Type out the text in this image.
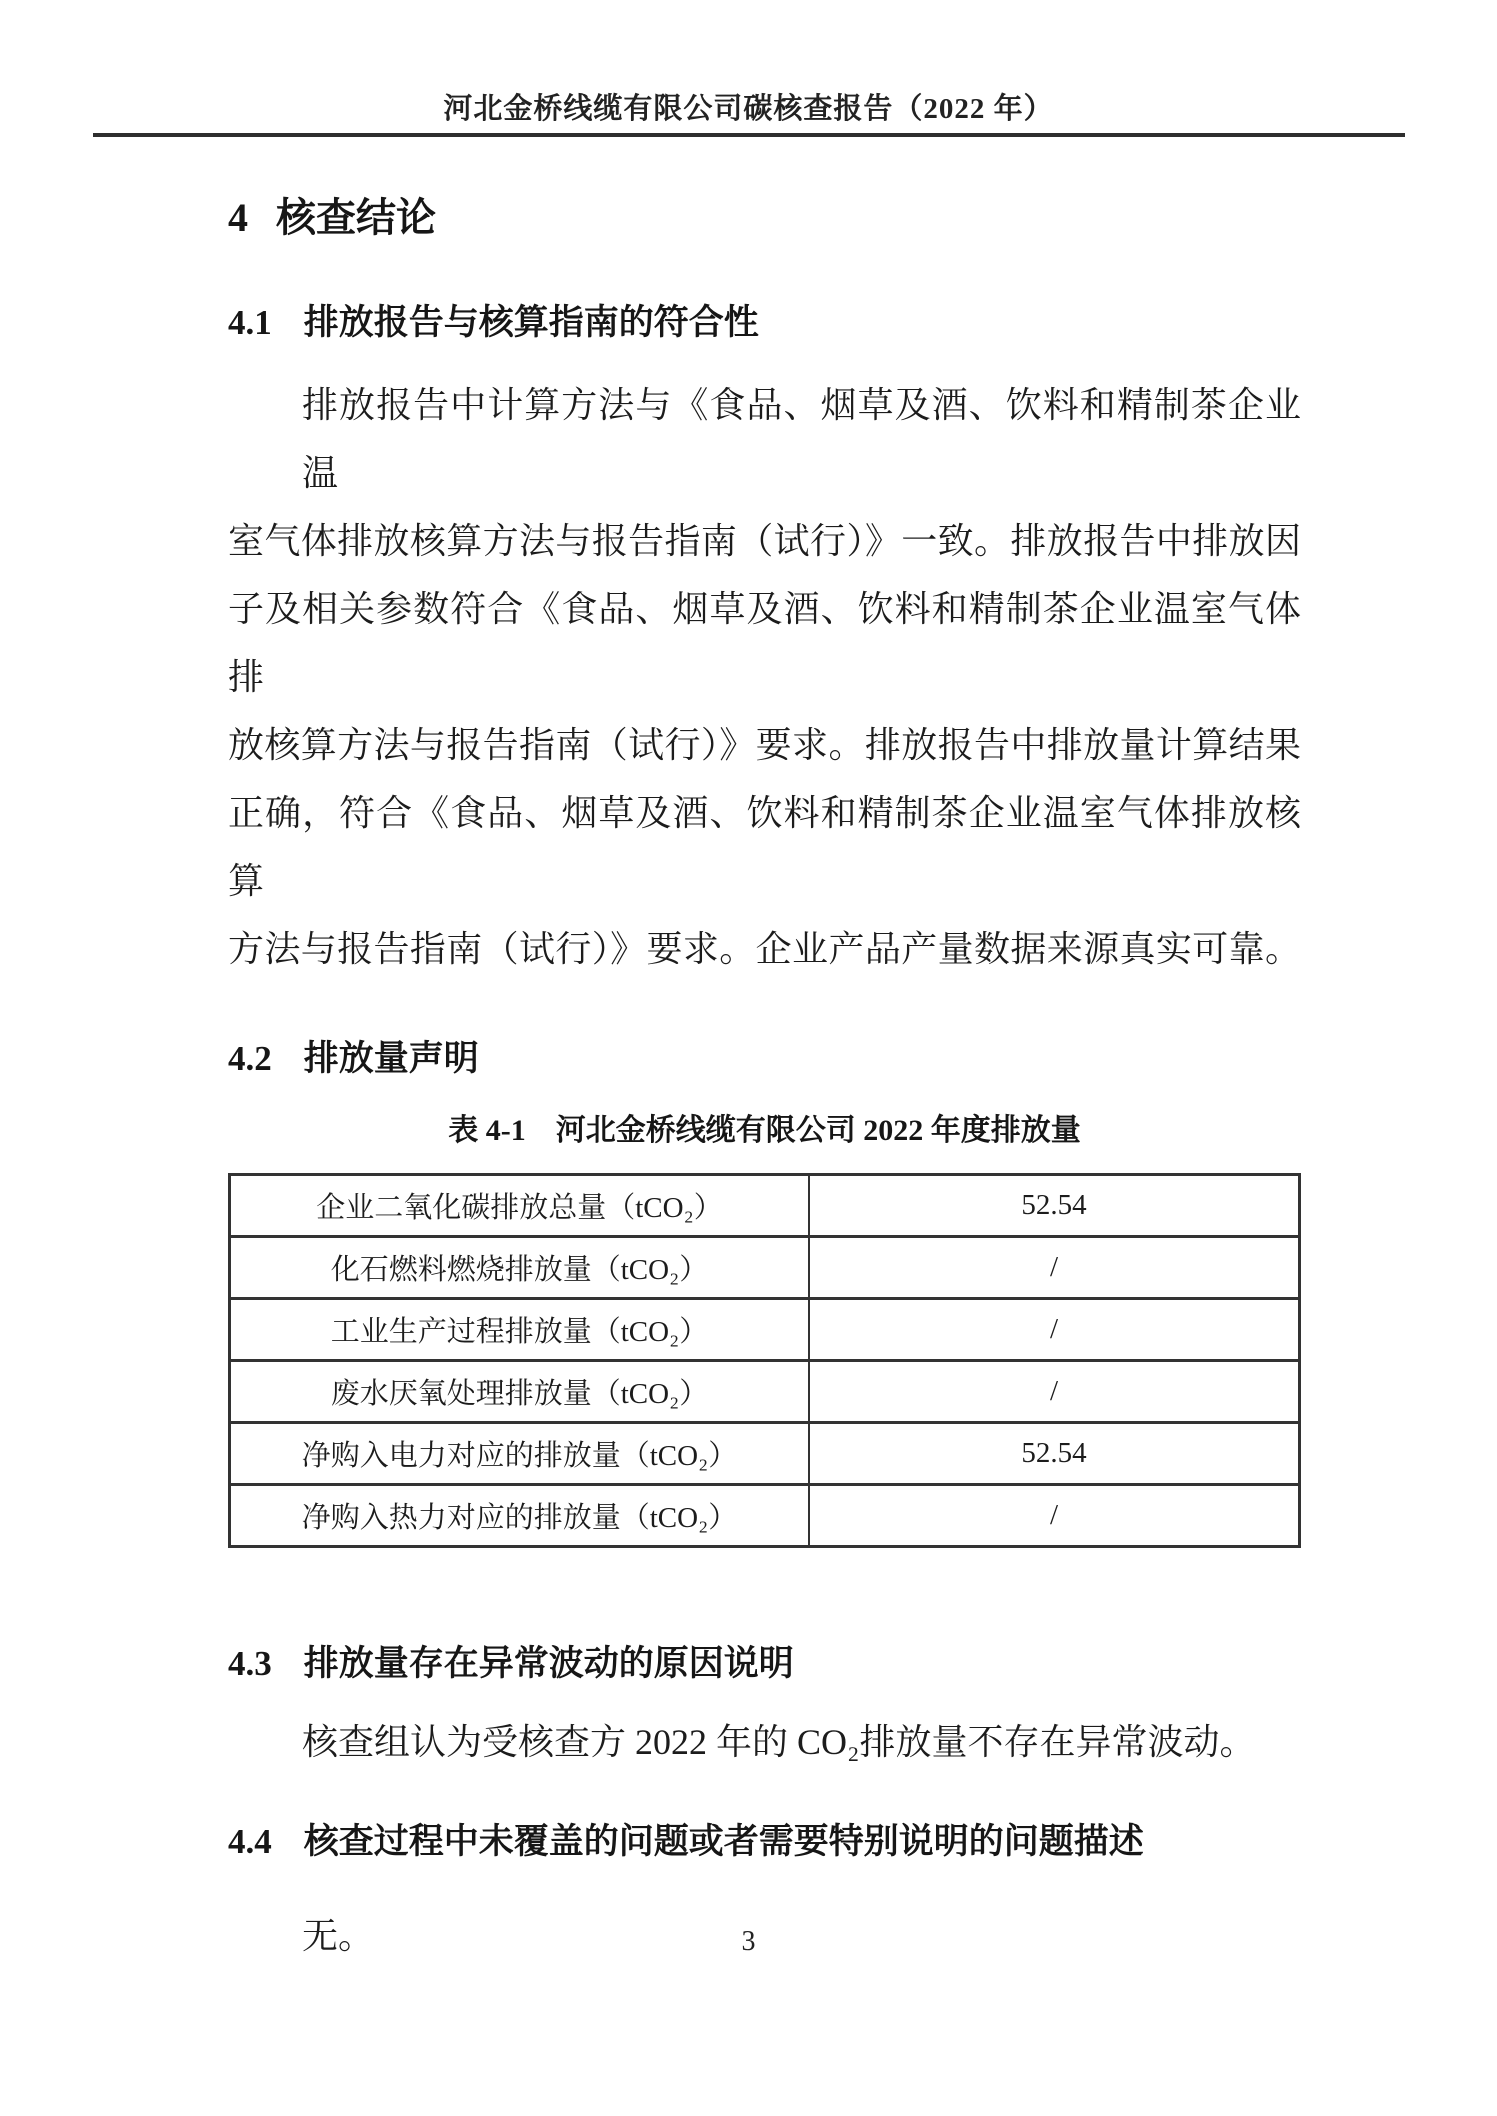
河北金桥线缆有限公司碳核查报告（2022 年）
4 核查结论
4.1 排放报告与核算指南的符合性
排放报告中计算方法与《食品、烟草及酒、饮料和精制茶企业温
室气体排放核算方法与报告指南（试行）》一致。排放报告中排放因
子及相关参数符合《食品、烟草及酒、饮料和精制茶企业温室气体排
放核算方法与报告指南（试行）》要求。排放报告中排放量计算结果
正确，符合《食品、烟草及酒、饮料和精制茶企业温室气体排放核算
方法与报告指南（试行）》要求。企业产品产量数据来源真实可靠。
4.2 排放量声明
表 4-1　河北金桥线缆有限公司 2022 年度排放量
企业二氧化碳排放总量（tCO₂）	52.54
化石燃料燃烧排放量（tCO₂）	/
工业生产过程排放量（tCO₂）	/
废水厌氧处理排放量（tCO₂）	/
净购入电力对应的排放量（tCO₂）	52.54
净购入热力对应的排放量（tCO₂）	/
4.3 排放量存在异常波动的原因说明
核查组认为受核查方 2022 年的 CO₂排放量不存在异常波动。
4.4 核查过程中未覆盖的问题或者需要特别说明的问题描述
无。	3
